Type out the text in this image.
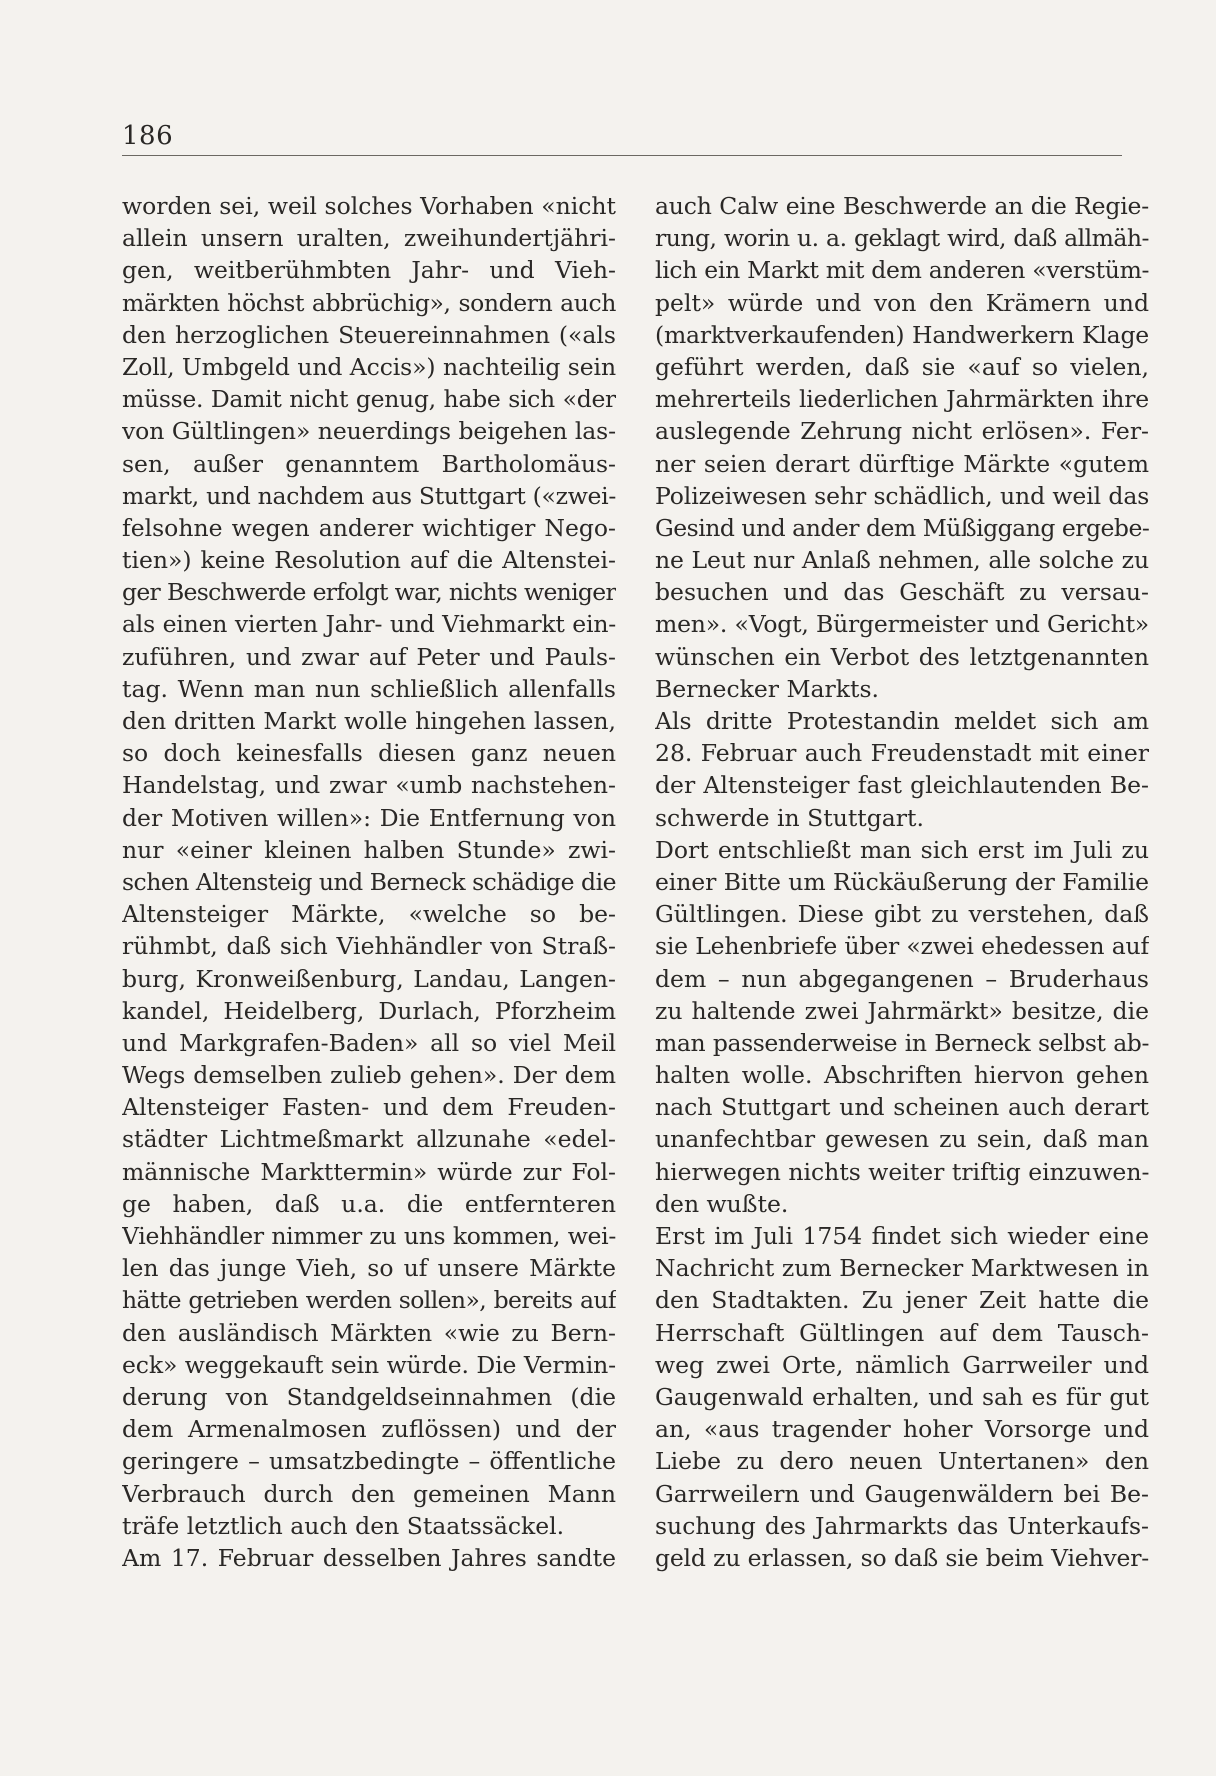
186
worden sei, weil solches Vorhaben «nicht
allein unsern uralten, zweihundertjähri-
gen, weitberühmbten Jahr- und Vieh-
märkten höchst abbrüchig», sondern auch
den herzoglichen Steuereinnahmen («als
Zoll, Umbgeld und Accis») nachteilig sein
müsse. Damit nicht genug, habe sich «der
von Gültlingen» neuerdings beigehen las-
sen, außer genanntem Bartholomäus-
markt, und nachdem aus Stuttgart («zwei-
felsohne wegen anderer wichtiger Nego-
tien») keine Resolution auf die Altenstei-
ger Beschwerde erfolgt war, nichts weniger
als einen vierten Jahr- und Viehmarkt ein-
zuführen, und zwar auf Peter und Pauls-
tag. Wenn man nun schließlich allenfalls
den dritten Markt wolle hingehen lassen,
so doch keinesfalls diesen ganz neuen
Handelstag, und zwar «umb nachstehen-
der Motiven willen»: Die Entfernung von
nur «einer kleinen halben Stunde» zwi-
schen Altensteig und Berneck schädige die
Altensteiger Märkte, «welche so be-
rühmbt, daß sich Viehhändler von Straß-
burg, Kronweißenburg, Landau, Langen-
kandel, Heidelberg, Durlach, Pforzheim
und Markgrafen-Baden» all so viel Meil
Wegs demselben zulieb gehen». Der dem
Altensteiger Fasten- und dem Freuden-
städter Lichtmeßmarkt allzunahe «edel-
männische Markttermin» würde zur Fol-
ge haben, daß u.a. die entfernteren
Viehhändler nimmer zu uns kommen, wei-
len das junge Vieh, so uf unsere Märkte
hätte getrieben werden sollen», bereits auf
den ausländisch Märkten «wie zu Bern-
eck» weggekauft sein würde. Die Vermin-
derung von Standgeldseinnahmen (die
dem Armenalmosen zuflössen) und der
geringere – umsatzbedingte – öffentliche
Verbrauch durch den gemeinen Mann
träfe letztlich auch den Staatssäckel.
Am 17. Februar desselben Jahres sandte
auch Calw eine Beschwerde an die Regie-
rung, worin u. a. geklagt wird, daß allmäh-
lich ein Markt mit dem anderen «verstüm-
pelt» würde und von den Krämern und
(marktverkaufenden) Handwerkern Klage
geführt werden, daß sie «auf so vielen,
mehrerteils liederlichen Jahrmärkten ihre
auslegende Zehrung nicht erlösen». Fer-
ner seien derart dürftige Märkte «gutem
Polizeiwesen sehr schädlich, und weil das
Gesind und ander dem Müßiggang ergebe-
ne Leut nur Anlaß nehmen, alle solche zu
besuchen und das Geschäft zu versau-
men». «Vogt, Bürgermeister und Gericht»
wünschen ein Verbot des letztgenannten
Bernecker Markts.
Als dritte Protestandin meldet sich am
28. Februar auch Freudenstadt mit einer
der Altensteiger fast gleichlautenden Be-
schwerde in Stuttgart.
Dort entschließt man sich erst im Juli zu
einer Bitte um Rückäußerung der Familie
Gültlingen. Diese gibt zu verstehen, daß
sie Lehenbriefe über «zwei ehedessen auf
dem – nun abgegangenen – Bruderhaus
zu haltende zwei Jahrmärkt» besitze, die
man passenderweise in Berneck selbst ab-
halten wolle. Abschriften hiervon gehen
nach Stuttgart und scheinen auch derart
unanfechtbar gewesen zu sein, daß man
hierwegen nichts weiter triftig einzuwen-
den wußte.
Erst im Juli 1754 findet sich wieder eine
Nachricht zum Bernecker Marktwesen in
den Stadtakten. Zu jener Zeit hatte die
Herrschaft Gültlingen auf dem Tausch-
weg zwei Orte, nämlich Garrweiler und
Gaugenwald erhalten, und sah es für gut
an, «aus tragender hoher Vorsorge und
Liebe zu dero neuen Untertanen» den
Garrweilern und Gaugenwäldern bei Be-
suchung des Jahrmarkts das Unterkaufs-
geld zu erlassen, so daß sie beim Viehver-
